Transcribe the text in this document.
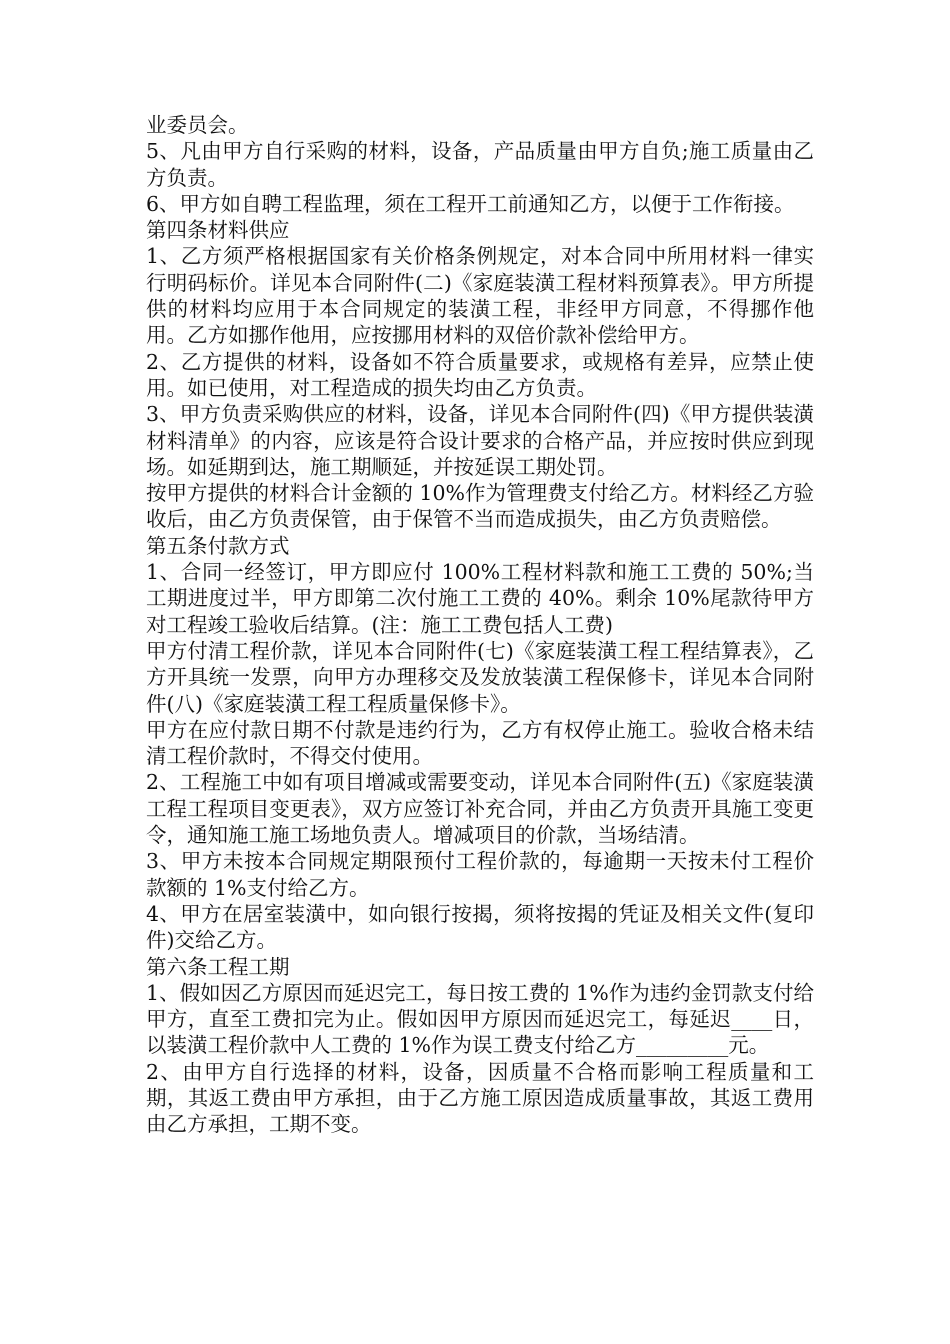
业委员会。

5、凡由甲方自行采购的材料，设备，产品质量由甲方自负;施工质量由乙方负责。

6、甲方如自聘工程监理，须在工程开工前通知乙方，以便于工作衔接。

第四条材料供应

1、乙方须严格根据国家有关价格条例规定，对本合同中所用材料一律实行明码标价。详见本合同附件(二)《家庭装潢工程材料预算表》。甲方所提供的材料均应用于本合同规定的装潢工程，非经甲方同意，不得挪作他用。乙方如挪作他用，应按挪用材料的双倍价款补偿给甲方。

2、乙方提供的材料，设备如不符合质量要求，或规格有差异，应禁止使用。如已使用，对工程造成的损失均由乙方负责。

3、甲方负责采购供应的材料，设备，详见本合同附件(四)《甲方提供装潢材料清单》的内容，应该是符合设计要求的合格产品，并应按时供应到现场。如延期到达，施工期顺延，并按延误工期处罚。

按甲方提供的材料合计金额的 10%作为管理费支付给乙方。材料经乙方验收后，由乙方负责保管，由于保管不当而造成损失，由乙方负责赔偿。

第五条付款方式

1、合同一经签订，甲方即应付 100%工程材料款和施工工费的 50%;当工期进度过半，甲方即第二次付施工工费的 40%。剩余 10%尾款待甲方对工程竣工验收后结算。(注：施工工费包括人工费)

甲方付清工程价款，详见本合同附件(七)《家庭装潢工程工程结算表》，乙方开具统一发票，向甲方办理移交及发放装潢工程保修卡，详见本合同附件(八)《家庭装潢工程工程质量保修卡》。

甲方在应付款日期不付款是违约行为，乙方有权停止施工。验收合格未结清工程价款时，不得交付使用。

2、工程施工中如有项目增减或需要变动，详见本合同附件(五)《家庭装潢工程工程项目变更表》，双方应签订补充合同，并由乙方负责开具施工变更令，通知施工施工场地负责人。增减项目的价款，当场结清。

3、甲方未按本合同规定期限预付工程价款的，每逾期一天按未付工程价款额的 1%支付给乙方。

4、甲方在居室装潢中，如向银行按揭，须将按揭的凭证及相关文件(复印件)交给乙方。

第六条工程工期

1、假如因乙方原因而延迟完工，每日按工费的 1%作为违约金罚款支付给甲方，直至工费扣完为止。假如因甲方原因而延迟完工，每延迟____日，以装潢工程价款中人工费的 1%作为误工费支付给乙方_________元。

2、由甲方自行选择的材料，设备，因质量不合格而影响工程质量和工期，其返工费由甲方承担，由于乙方施工原因造成质量事故，其返工费用由乙方承担，工期不变。
